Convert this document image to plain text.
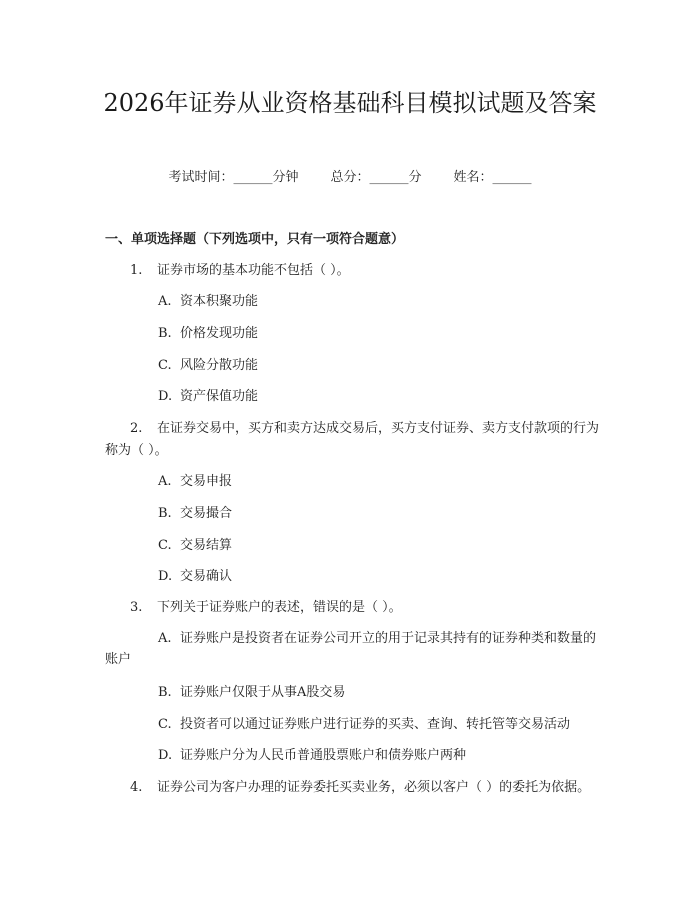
2026年证券从业资格基础科目模拟试题及答案
考试时间：______分钟 总分：______分 姓名：______
一、单项选择题（下列选项中，只有一项符合题意）
1. 证券市场的基本功能不包括（ ）。
A. 资本积聚功能
B. 价格发现功能
C. 风险分散功能
D. 资产保值功能
2. 在证券交易中，买方和卖方达成交易后，买方支付证券、卖方支付款项的行为称为（ ）。
A. 交易申报
B. 交易撮合
C. 交易结算
D. 交易确认
3. 下列关于证券账户的表述，错误的是（ ）。
A. 证券账户是投资者在证券公司开立的用于记录其持有的证券种类和数量的账户
B. 证券账户仅限于从事A股交易
C. 投资者可以通过证券账户进行证券的买卖、查询、转托管等交易活动
D. 证券账户分为人民币普通股票账户和债券账户两种
4. 证券公司为客户办理的证券委托买卖业务，必须以客户（ ）的委托为依据。
